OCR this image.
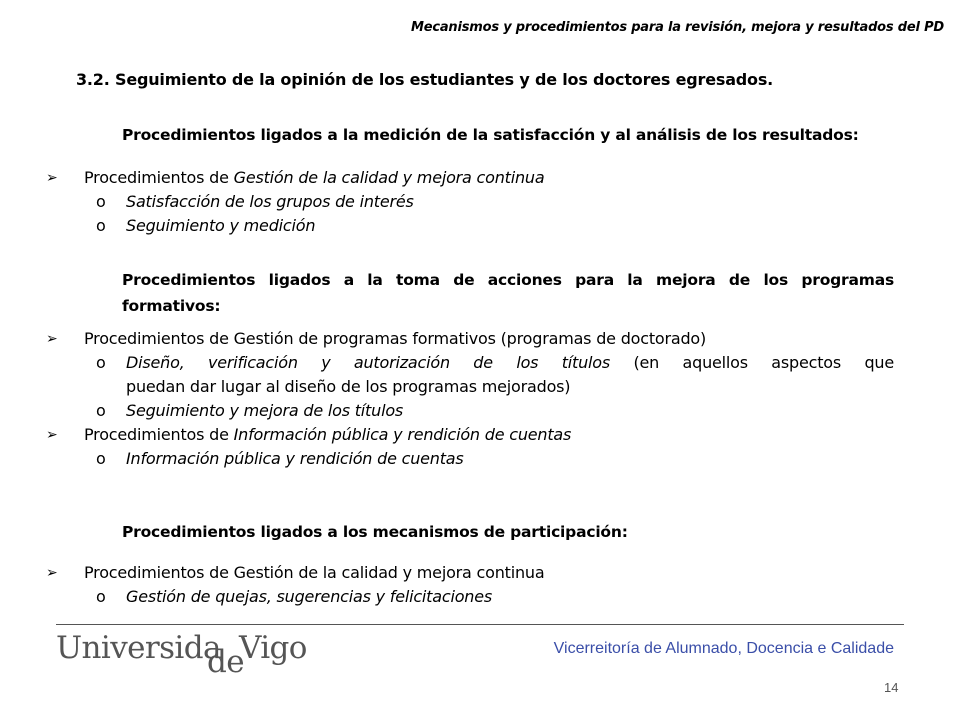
Mecanismos y procedimientos para la revisión, mejora y resultados del PD
3.2. Seguimiento de la opinión de los estudiantes y de los doctores egresados.
Procedimientos ligados a la medición de la satisfacción y al análisis de los resultados:
➢ Procedimientos de Gestión de la calidad y mejora continua
o Satisfacción de los grupos de interés
o Seguimiento y medición
Procedimientos ligados a la toma de acciones para la mejora de los programas
formativos:
➢ Procedimientos de Gestión de programas formativos (programas de doctorado)
o Diseño, verificación y autorización de los títulos (en aquellos aspectos que
puedan dar lugar al diseño de los programas mejorados)
o Seguimiento y mejora de los títulos
➢ Procedimientos de Información pública y rendición de cuentas
o Información pública y rendición de cuentas
Procedimientos ligados a los mecanismos de participación:
➢ Procedimientos de Gestión de la calidad y mejora continua
o Gestión de quejas, sugerencias y felicitaciones
Universida
de
Vigo	Vicerreitoría de Alumnado, Docencia e Calidade
14
